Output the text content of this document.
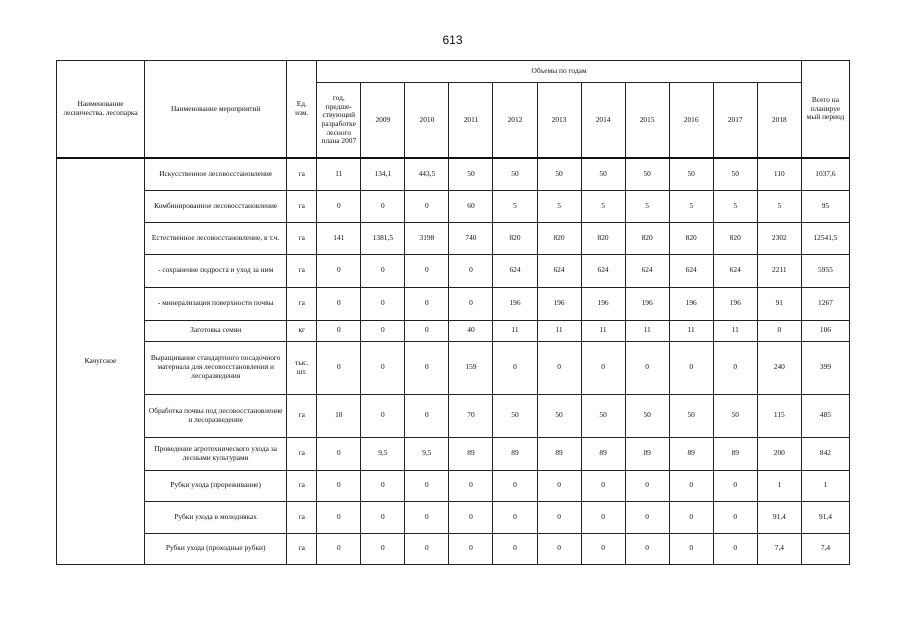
613
Наименование лесничества, лесопарка	Наименование мероприятий	Ед. изм.	Объемы по годам											Всего на планируе мый период
			год, предше-ствующий разработке лесного плана 2007	2009	2010	2011	2012	2013	2014	2015	2016	2017	2018	
Качугское	Искусственное лесовосстановление	га	11	134,1	443,5	50	50	50	50	50	50	50	110	1037,6
	Комбинированное лесовосстановление	га	0	0	0	60	5	5	5	5	5	5	5	95
	Естественное лесовосстановление, в т.ч.	га	141	1381,5	3198	740	820	820	820	820	820	820	2302	12541,5
	- сохранение подроста и уход за ним	га	0	0	0	0	624	624	624	624	624	624	2211	5955
	- минерализация поверхности почвы	га	0	0	0	0	196	196	196	196	196	196	91	1267
	Заготовка семян	кг	0	0	0	40	11	11	11	11	11	11	0	106
	Выращивание стандартного посадочного материала для лесовосстановления и лесоразведения	тыс. шт.	0	0	0	159	0	0	0	0	0	0	240	399
	Обработка почвы под лесовосстановление и лесоразведение	га	10	0	0	70	50	50	50	50	50	50	115	485
	Проведение агротехнического ухода за лесными культурами	га	0	9,5	9,5	89	89	89	89	89	89	89	200	842
	Рубки ухода (прореживание)	га	0	0	0	0	0	0	0	0	0	0	1	1
	Рубки ухода в молодняках	га	0	0	0	0	0	0	0	0	0	0	91,4	91,4
	Рубки ухода (проходные рубки)	га	0	0	0	0	0	0	0	0	0	0	7,4	7,4
